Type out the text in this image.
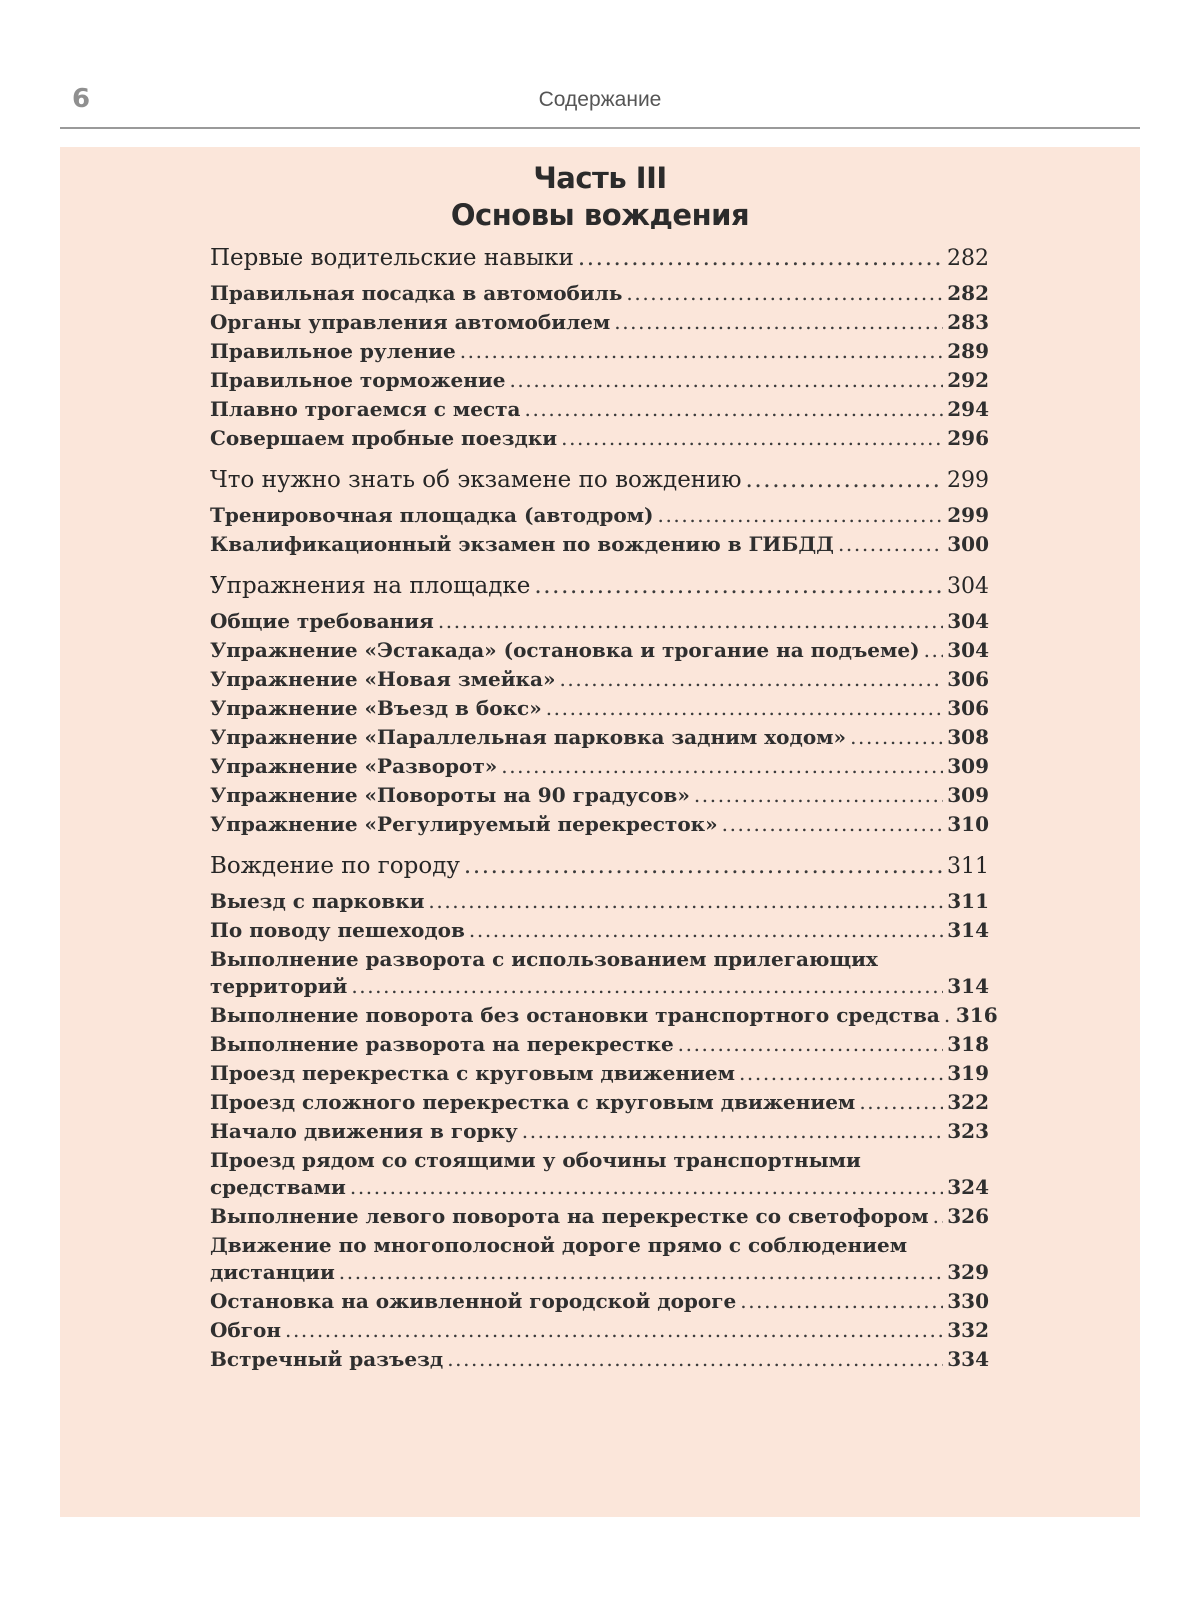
6	Содержание
Часть III
Основы вождения
Первые водительские навыки .....	282
Правильная посадка в автомобиль .....	282
Органы управления автомобилем .....	283
Правильное руление .....	289
Правильное торможение .....	292
Плавно трогаемся с места .....	294
Совершаем пробные поездки .....	296
Что нужно знать об экзамене по вождению .....	299
Тренировочная площадка (автодром) .....	299
Квалификационный экзамен по вождению в ГИБДД .....	300
Упражнения на площадке .....	304
Общие требования .....	304
Упражнение «Эстакада» (остановка и трогание на подъеме) ..... 304
Упражнение «Новая змейка» .....	306
Упражнение «Въезд в бокс» .....	306
Упражнение «Параллельная парковка задним ходом» .....	308
Упражнение «Разворот» .....	309
Упражнение «Повороты на 90 градусов» .....	309
Упражнение «Регулируемый перекресток» .....	310
Вождение по городу .....	311
Выезд с парковки .....	311
По поводу пешеходов .....	314
Выполнение разворота с использованием прилегающих
территорий .....	314
Выполнение поворота без остановки транспортного средства ..... 316
Выполнение разворота на перекрестке .....	318
Проезд перекрестка с круговым движением .....	319
Проезд сложного перекрестка с круговым движением .....	322
Начало движения в горку .....	323
Проезд рядом со стоящими у обочины транспортными
средствами .....	324
Выполнение левого поворота на перекрестке со светофором ..... 326
Движение по многополосной дороге прямо с соблюдением
дистанции .....	329
Остановка на оживленной городской дороге .....	330
Обгон .....	332
Встречный разъезд .....	334
